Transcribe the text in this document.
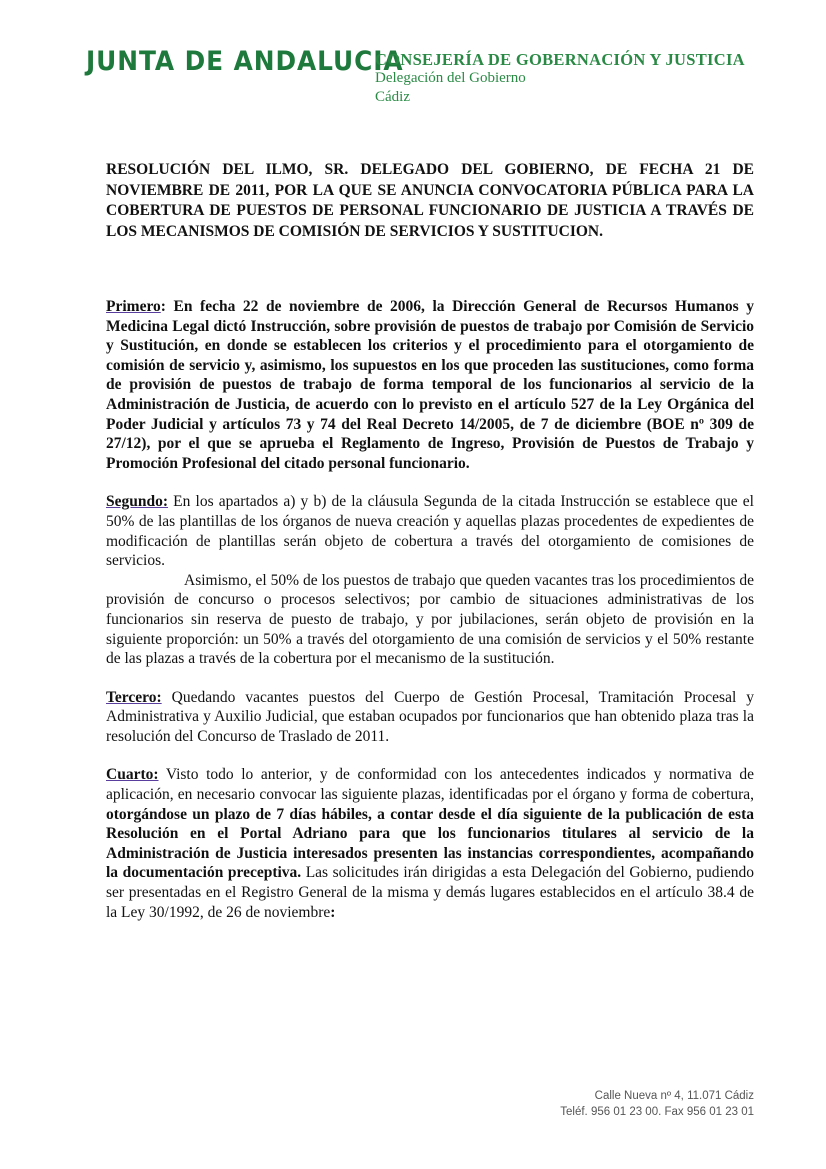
JUNTA DE ANDALUCIA
CONSEJERÍA DE GOBERNACIÓN Y JUSTICIA
Delegación del Gobierno
Cádiz
RESOLUCIÓN DEL ILMO, SR. DELEGADO DEL GOBIERNO, DE FECHA 21 DE NOVIEMBRE DE 2011, POR LA QUE SE ANUNCIA CONVOCATORIA PÚBLICA PARA LA COBERTURA DE PUESTOS DE PERSONAL FUNCIONARIO DE JUSTICIA A TRAVÉS DE LOS MECANISMOS DE COMISIÓN DE SERVICIOS Y SUSTITUCION.

Primero: En fecha 22 de noviembre de 2006, la Dirección General de Recursos Humanos y Medicina Legal dictó Instrucción, sobre provisión de puestos de trabajo por Comisión de Servicio y Sustitución, en donde se establecen los criterios y el procedimiento para el otorgamiento de comisión de servicio y, asimismo, los supuestos en los que proceden las sustituciones, como forma de provisión de puestos de trabajo de forma temporal de los funcionarios al servicio de la Administración de Justicia, de acuerdo con lo previsto en el artículo 527 de la Ley Orgánica del Poder Judicial y artículos 73 y 74 del Real Decreto 14/2005, de 7 de diciembre (BOE nº 309 de 27/12), por el que se aprueba el Reglamento de Ingreso, Provisión de Puestos de Trabajo y Promoción Profesional del citado personal funcionario.

Segundo: En los apartados a) y b) de la cláusula Segunda de la citada Instrucción se establece que el 50% de las plantillas de los órganos de nueva creación y aquellas plazas procedentes de expedientes de modificación de plantillas serán objeto de cobertura a través del otorgamiento de comisiones de servicios.

Asimismo, el 50% de los puestos de trabajo que queden vacantes tras los procedimientos de provisión de concurso o procesos selectivos; por cambio de situaciones administrativas de los funcionarios sin reserva de puesto de trabajo, y por jubilaciones, serán objeto de provisión en la siguiente proporción: un 50% a través del otorgamiento de una comisión de servicios y el 50% restante de las plazas a través de la cobertura por el mecanismo de la sustitución.

Tercero: Quedando vacantes puestos del Cuerpo de Gestión Procesal, Tramitación Procesal y Administrativa y Auxilio Judicial, que estaban ocupados por funcionarios que han obtenido plaza tras la resolución del Concurso de Traslado de 2011.

Cuarto: Visto todo lo anterior, y de conformidad con los antecedentes indicados y normativa de aplicación, en necesario convocar las siguiente plazas, identificadas por el órgano y forma de cobertura, otorgándose un plazo de 7 días hábiles, a contar desde el día siguiente de la publicación de esta Resolución en el Portal Adriano para que los funcionarios titulares al servicio de la Administración de Justicia interesados presenten las instancias correspondientes, acompañando la documentación preceptiva. Las solicitudes irán dirigidas a esta Delegación del Gobierno, pudiendo ser presentadas en el Registro General de la misma y demás lugares establecidos en el artículo 38.4 de la Ley 30/1992, de 26 de noviembre:

Calle Nueva nº 4, 11.071 Cádiz
Teléf. 956 01 23 00. Fax 956 01 23 01
